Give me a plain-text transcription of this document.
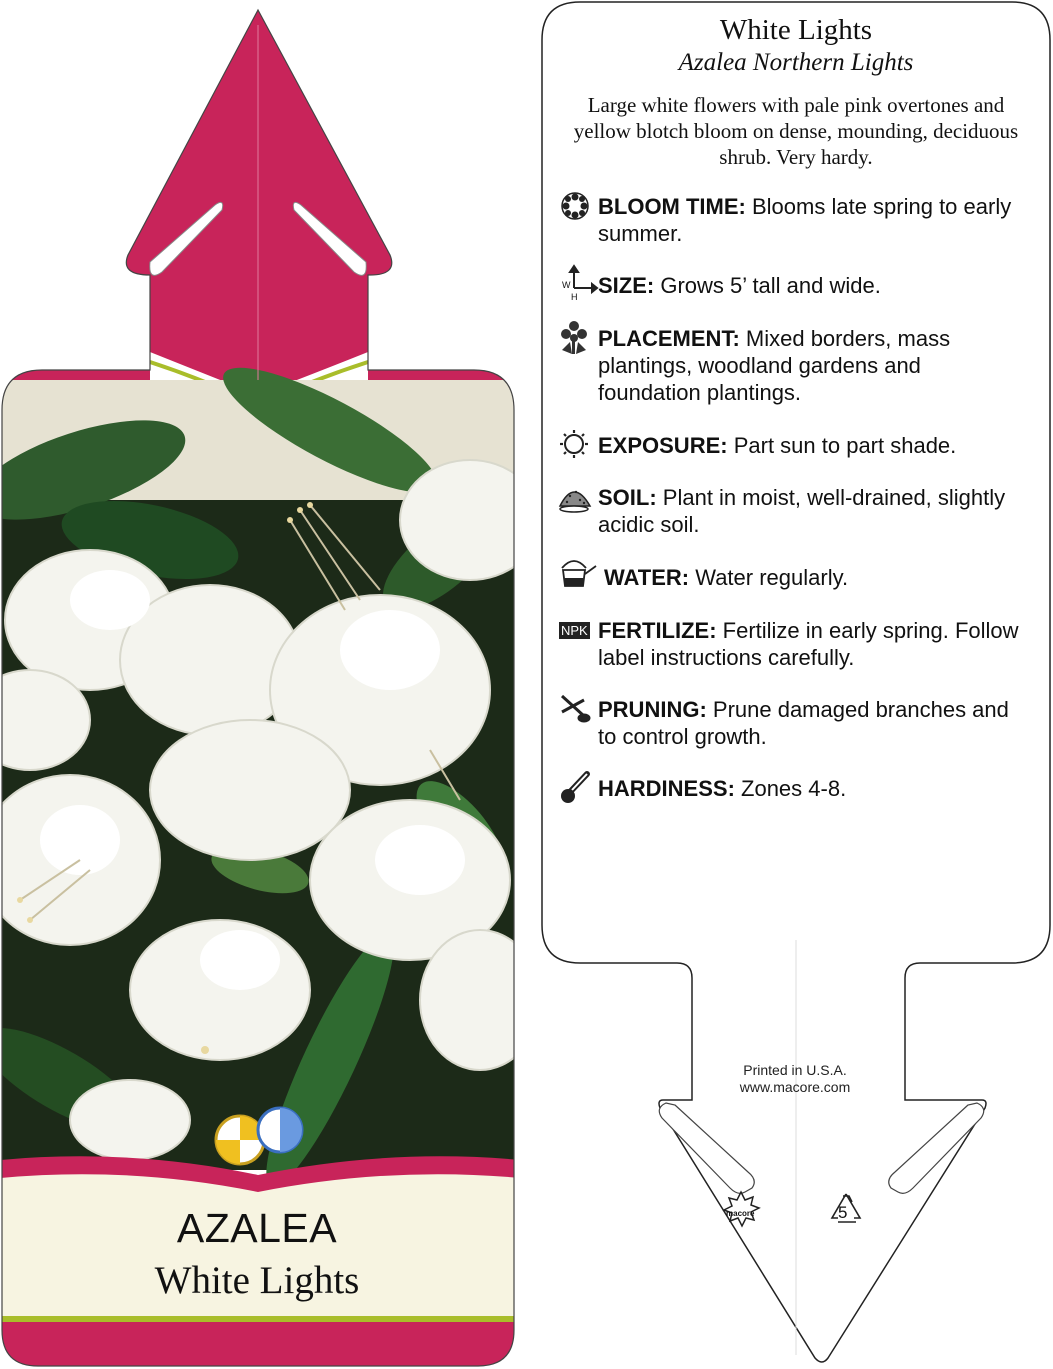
White Lights
Azalea Northern Lights
Large white flowers with pale pink overtones and yellow blotch bloom on dense, mounding, deciduous shrub. Very hardy.
BLOOM TIME: Blooms late spring to early summer.
W
H SIZE: Grows 5’ tall and wide.
PLACEMENT: Mixed borders, mass plantings, woodland gardens and foundation plantings.
EXPOSURE: Part sun to part shade.
SOIL: Plant in moist, well-drained, slightly acidic soil.
WATER: Water regularly.
NPK FERTILIZE: Fertilize in early spring. Follow label instructions carefully.
PRUNING: Prune damaged branches and to control growth.
HARDINESS: Zones 4-8.
Printed in U.S.A.
www.macore.com
macore	5
AZALEA
White Lights
